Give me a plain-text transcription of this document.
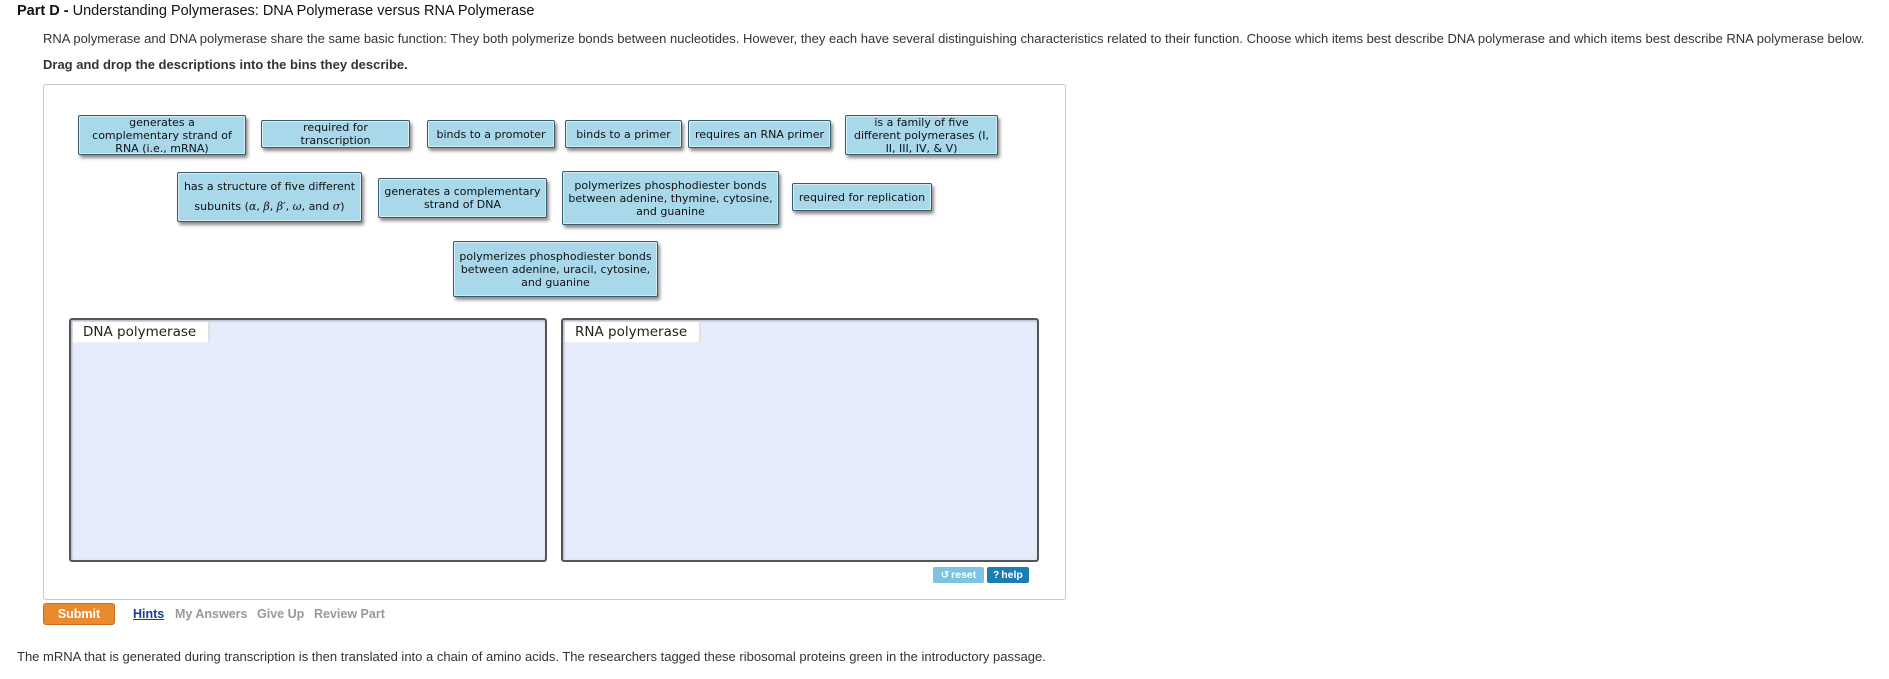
Part D - Understanding Polymerases: DNA Polymerase versus RNA Polymerase
RNA polymerase and DNA polymerase share the same basic function: They both polymerize bonds between nucleotides. However, they each have several distinguishing characteristics related to their function. Choose which items best describe DNA polymerase and which items best describe RNA polymerase below.
Drag and drop the descriptions into the bins they describe.
generates a complementary strand of RNA (i.e., mRNA)
required for transcription	binds to a promoter	binds to a primer	requires an RNA primer
is a family of five different polymerases (I, II, III, IV, & V)
has a structure of five different
subunits (α, β, β′, ω, and σ)
generates a complementary strand of DNA
polymerizes phosphodiester bonds between adenine, thymine, cytosine, and guanine
required for replication
polymerizes phosphodiester bonds between adenine, uracil, cytosine, and guanine
DNA polymerase	RNA polymerase
↺ reset ? help
Submit	Hints My Answers Give Up Review Part
The mRNA that is generated during transcription is then translated into a chain of amino acids. The researchers tagged these ribosomal proteins green in the introductory passage.
